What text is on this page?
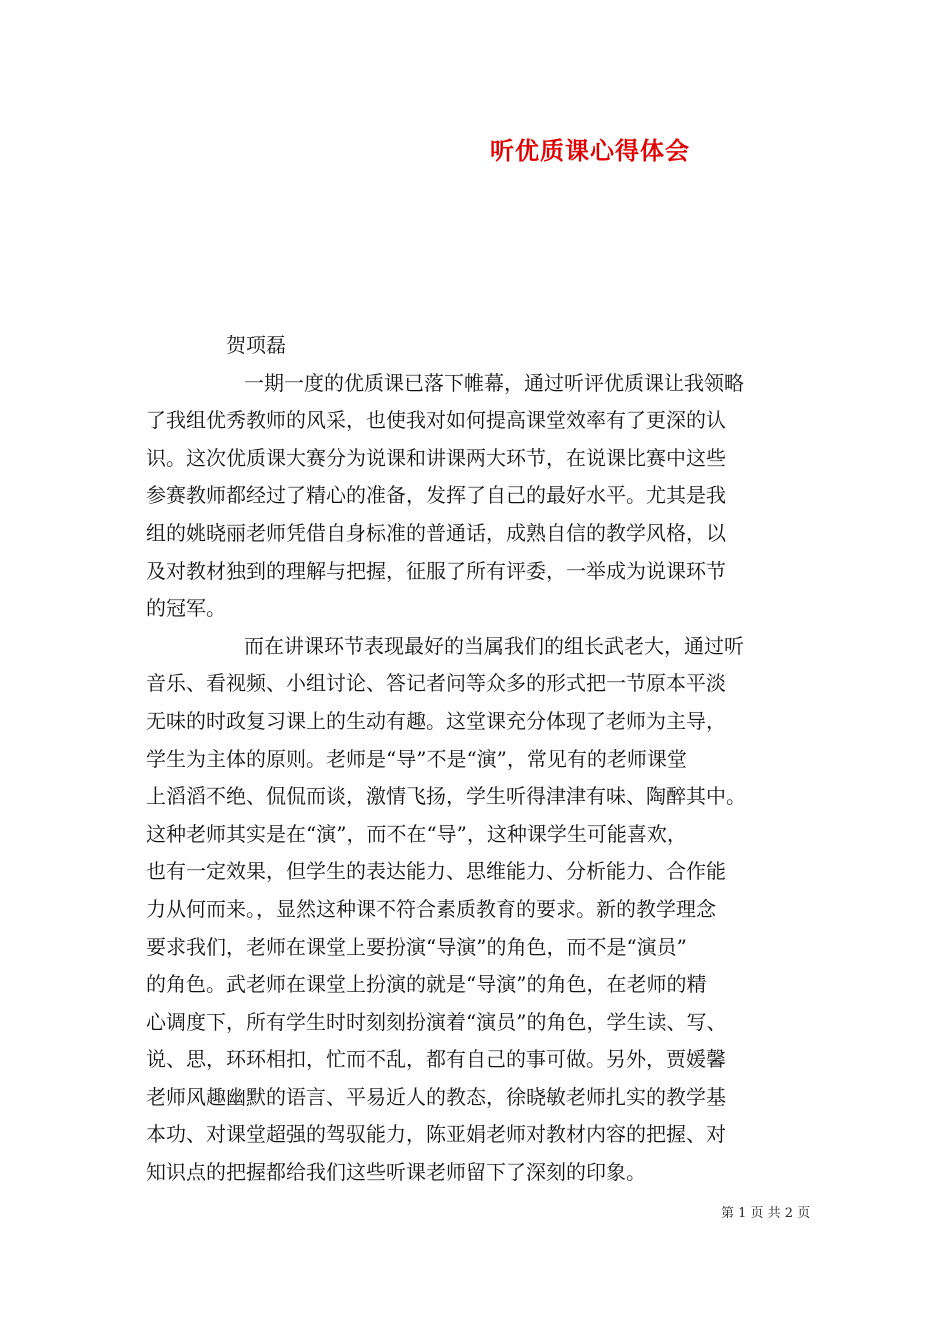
听优质课心得体会
贺项磊
一期一度的优质课已落下帷幕，通过听评优质课让我领略
了我组优秀教师的风采，也使我对如何提高课堂效率有了更深的认
识。这次优质课大赛分为说课和讲课两大环节，在说课比赛中这些
参赛教师都经过了精心的准备，发挥了自己的最好水平。尤其是我
组的姚晓丽老师凭借自身标准的普通话，成熟自信的教学风格，以
及对教材独到的理解与把握，征服了所有评委，一举成为说课环节
的冠军。
而在讲课环节表现最好的当属我们的组长武老大，通过听
音乐、看视频、小组讨论、答记者问等众多的形式把一节原本平淡
无味的时政复习课上的生动有趣。这堂课充分体现了老师为主导，
学生为主体的原则。老师是“导”不是“演”，常见有的老师课堂
上滔滔不绝、侃侃而谈，激情飞扬，学生听得津津有味、陶醉其中。
这种老师其实是在“演”，而不在“导”，这种课学生可能喜欢，
也有一定效果，但学生的表达能力、思维能力、分析能力、合作能
力从何而来。，显然这种课不符合素质教育的要求。新的教学理念
要求我们，老师在课堂上要扮演“导演”的角色，而不是“演员”
的角色。武老师在课堂上扮演的就是“导演”的角色，在老师的精
心调度下，所有学生时时刻刻扮演着“演员”的角色，学生读、写、
说、思，环环相扣，忙而不乱，都有自己的事可做。另外，贾媛馨
老师风趣幽默的语言、平易近人的教态，徐晓敏老师扎实的教学基
本功、对课堂超强的驾驭能力，陈亚娟老师对教材内容的把握、对
知识点的把握都给我们这些听课老师留下了深刻的印象。
第 1 页 共 2 页
